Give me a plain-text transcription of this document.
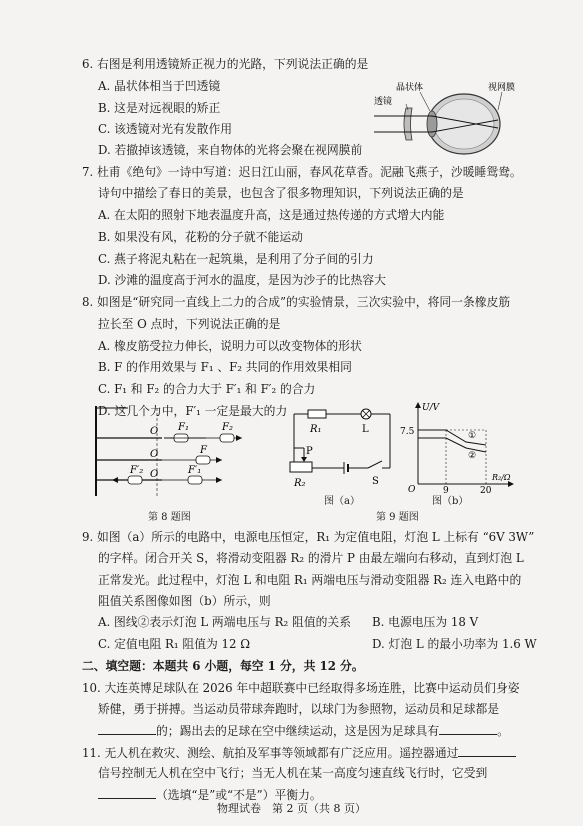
6. 右图是利用透镜矫正视力的光路，下列说法正确的是
A. 晶状体相当于凹透镜
B. 这是对远视眼的矫正
C. 该透镜对光有发散作用
D. 若撤掉该透镜，来自物体的光将会聚在视网膜前
晶状体
透镜
视网膜
7. 杜甫《绝句》一诗中写道：迟日江山丽，春风花草香。泥融飞燕子，沙暖睡鸳鸯。
诗句中描绘了春日的美景，也包含了很多物理知识，下列说法正确的是
A. 在太阳的照射下地表温度升高，这是通过热传递的方式增大内能
B. 如果没有风，花粉的分子就不能运动
C. 燕子将泥丸粘在一起筑巢，是利用了分子间的引力
D. 沙滩的温度高于河水的温度，是因为沙子的比热容大
8. 如图是“研究同一直线上二力的合成”的实验情景，三次实验中，将同一条橡皮筋
拉长至 O 点时，下列说法正确的是
A. 橡皮筋受拉力伸长，说明力可以改变物体的形状
B. F 的作用效果与 F₁ 、F₂ 共同的作用效果相同
C. F₁ 和 F₂ 的合力大于 F′₁ 和 F′₂ 的合力
D. 这几个力中，F′₁ 一定是最大的力
O
O
O
F₁	F₂
F
F′₂	F′₁
R₁	L
P
R₂	S
U/V
7.5
O	9	20
R₂/Ω
①
②
第 8 题图
图（a）	图（b）
第 9 题图
9. 如图（a）所示的电路中，电源电压恒定，R₁ 为定值电阻，灯泡 L 上标有 “6V 3W”
的字样。闭合开关 S，将滑动变阻器 R₂ 的滑片 P 由最左端向右移动，直到灯泡 L
正常发光。此过程中，灯泡 L 和电阻 R₁ 两端电压与滑动变阻器 R₂ 连入电路中的
阻值关系图像如图（b）所示，则
A. 图线②表示灯泡 L 两端电压与 R₂ 阻值的关系 B. 电源电压为 18 V
C. 定值电阻 R₁ 阻值为 12 Ω	D. 灯泡 L 的最小功率为 1.6 W
二、填空题：本题共 6 小题，每空 1 分，共 12 分。
10. 大连英博足球队在 2026 年中超联赛中已经取得多场连胜，比赛中运动员们身姿
矫健，勇于拼搏。当运动员带球奔跑时，以球门为参照物，运动员和足球都是
的；踢出去的足球在空中继续运动，这是因为足球具有	。
11. 无人机在救灾、测绘、航拍及军事等领域都有广泛应用。遥控器通过
信号控制无人机在空中飞行；当无人机在某一高度匀速直线飞行时，它受到
（选填“是”或“不是”）平衡力。
物理试卷　第 2 页（共 8 页）
